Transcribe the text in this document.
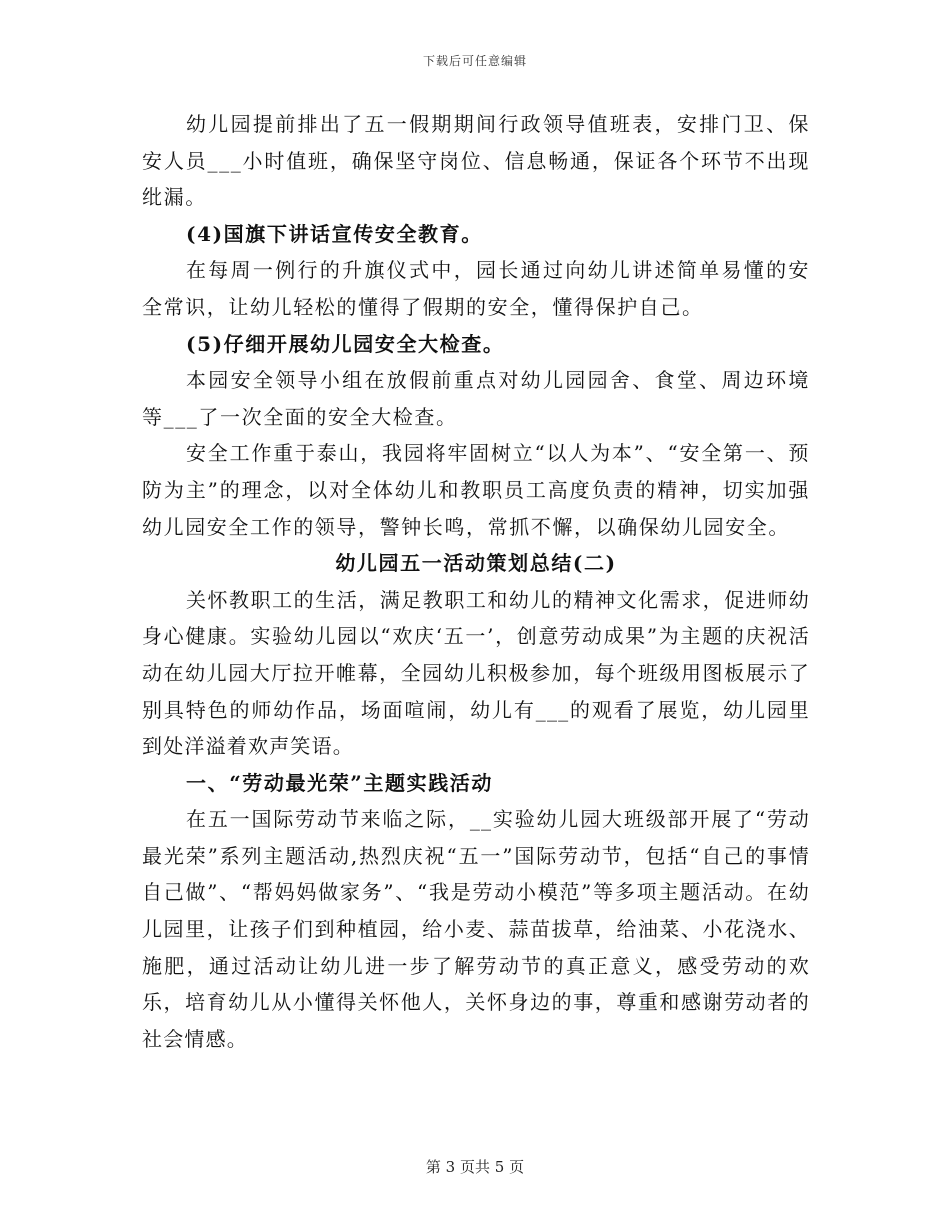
下载后可任意编辑

幼儿园提前排出了五一假期期间行政领导值班表，安排门卫、保安人员___小时值班，确保坚守岗位、信息畅通，保证各个环节不出现纰漏。

(4)国旗下讲话宣传安全教育。

在每周一例行的升旗仪式中，园长通过向幼儿讲述简单易懂的安全常识，让幼儿轻松的懂得了假期的安全，懂得保护自己。

(5)仔细开展幼儿园安全大检查。

本园安全领导小组在放假前重点对幼儿园园舍、食堂、周边环境等___了一次全面的安全大检查。

安全工作重于泰山，我园将牢固树立“以人为本”、“安全第一、预防为主”的理念，以对全体幼儿和教职员工高度负责的精神，切实加强幼儿园安全工作的领导，警钟长鸣，常抓不懈，以确保幼儿园安全。

幼儿园五一活动策划总结(二)

关怀教职工的生活，满足教职工和幼儿的精神文化需求，促进师幼身心健康。实验幼儿园以“欢庆‘五一’，创意劳动成果”为主题的庆祝活动在幼儿园大厅拉开帷幕，全园幼儿积极参加，每个班级用图板展示了别具特色的师幼作品，场面喧闹，幼儿有___的观看了展览，幼儿园里到处洋溢着欢声笑语。

一、“劳动最光荣”主题实践活动

在五一国际劳动节来临之际，__实验幼儿园大班级部开展了“劳动最光荣”系列主题活动,热烈庆祝“五一”国际劳动节，包括“自己的事情自己做”、“帮妈妈做家务”、“我是劳动小模范”等多项主题活动。在幼儿园里，让孩子们到种植园，给小麦、蒜苗拔草，给油菜、小花浇水、施肥，通过活动让幼儿进一步了解劳动节的真正意义，感受劳动的欢乐，培育幼儿从小懂得关怀他人，关怀身边的事，尊重和感谢劳动者的社会情感。

第 3 页共 5 页
